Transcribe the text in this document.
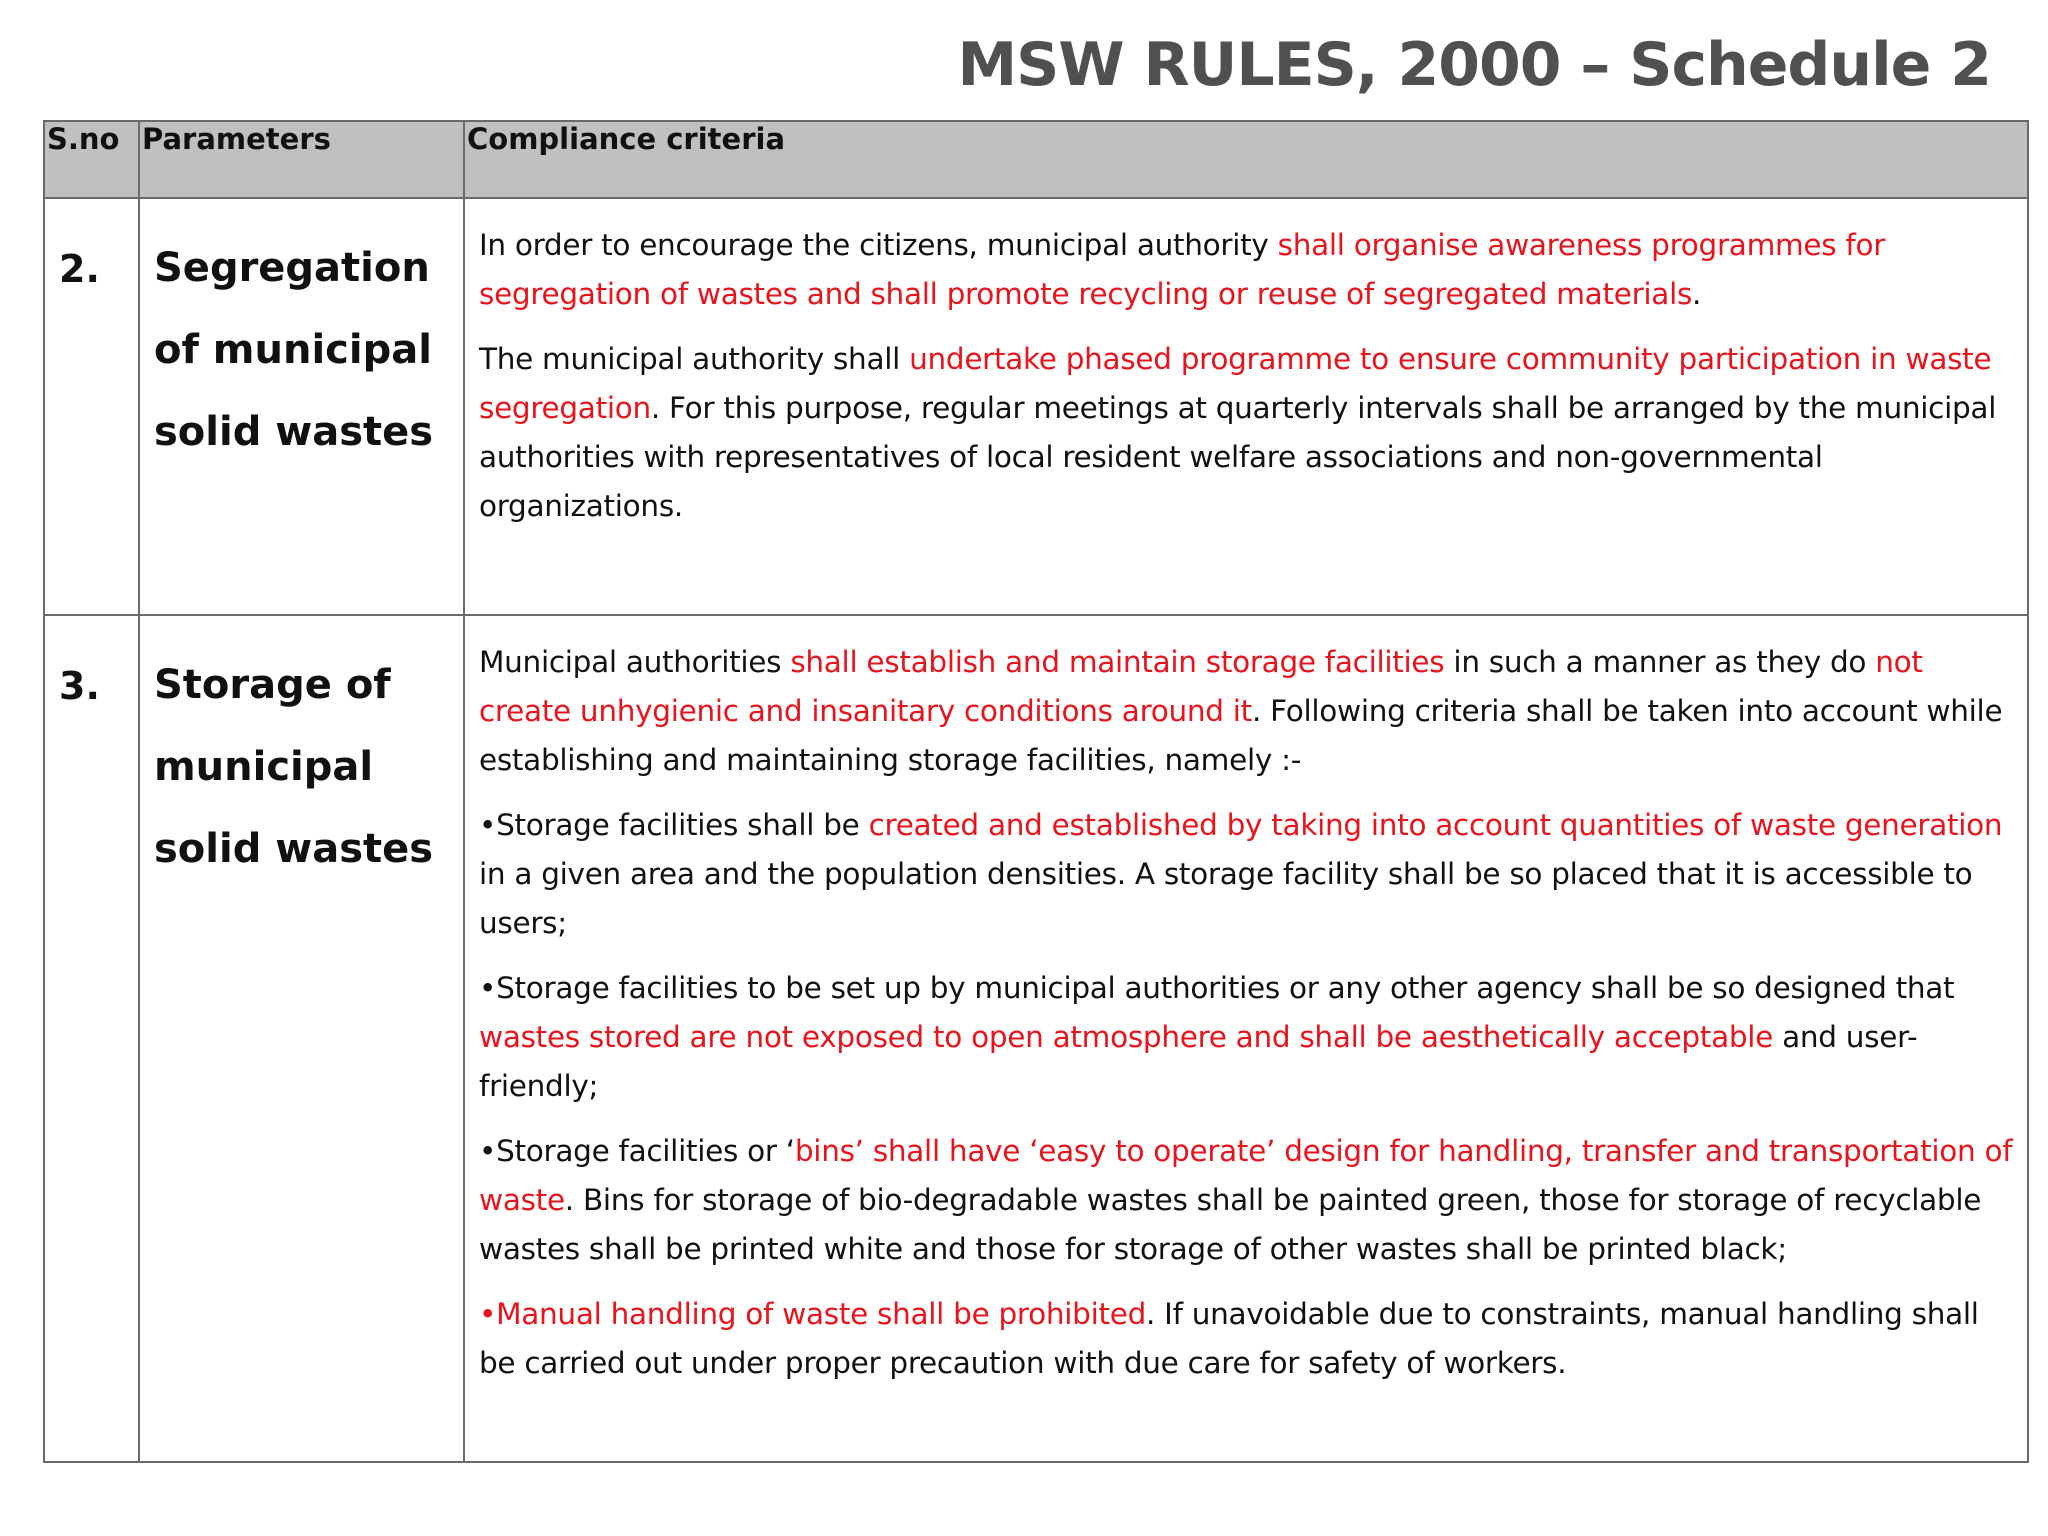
MSW RULES, 2000 – Schedule 2
S.no	Parameters	Compliance criteria
2.	Segregation of municipal solid wastes	In order to encourage the citizens, municipal authority shall organise awareness programmes for segregation of wastes and shall promote recycling or reuse of segregated materials.

The municipal authority shall undertake phased programme to ensure community participation in waste segregation. For this purpose, regular meetings at quarterly intervals shall be arranged by the municipal authorities with representatives of local resident welfare associations and non-governmental organizations.

3.	Storage of municipal solid wastes	Municipal authorities shall establish and maintain storage facilities in such a manner as they do not create unhygienic and insanitary conditions around it. Following criteria shall be taken into account while establishing and maintaining storage facilities, namely :-

•Storage facilities shall be created and established by taking into account quantities of waste generation in a given area and the population densities. A storage facility shall be so placed that it is accessible to users;

•Storage facilities to be set up by municipal authorities or any other agency shall be so designed that wastes stored are not exposed to open atmosphere and shall be aesthetically acceptable and user-friendly;

•Storage facilities or ‘bins’ shall have ‘easy to operate’ design for handling, transfer and transportation of waste. Bins for storage of bio-degradable wastes shall be painted green, those for storage of recyclable wastes shall be printed white and those for storage of other wastes shall be printed black;

•Manual handling of waste shall be prohibited. If unavoidable due to constraints, manual handling shall be carried out under proper precaution with due care for safety of workers.
